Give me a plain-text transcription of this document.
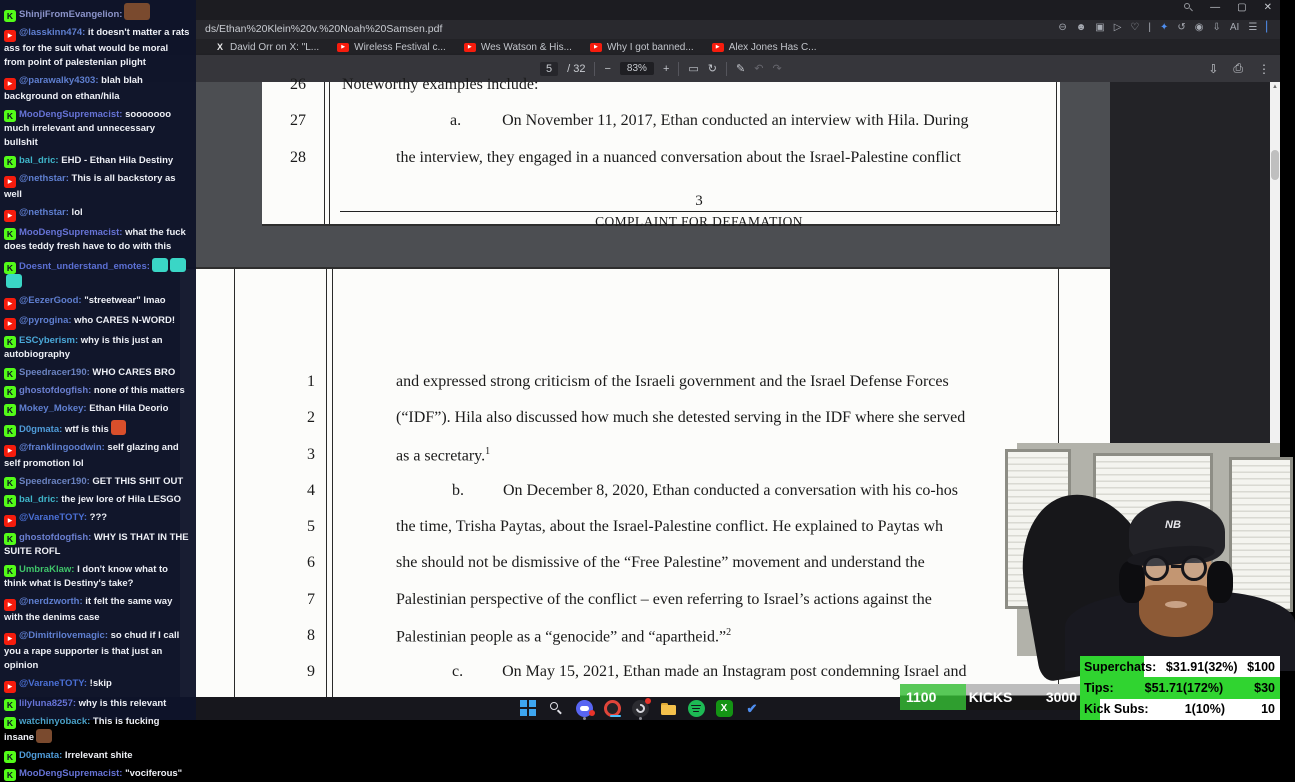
— ▢ ✕
ds/Ethan%20Klein%20v.%20Noah%20Samsen.pdf	⊖ ☻ ▣ ▷ ♡ | ✦ ↺ ◉ ⇩ AI ☰ ▏
X David Orr on X: "L...	▶ Wireless Festival c...	▶ Wes Watson & His...	▶ Why I got banned...	▶ Alex Jones Has C...
5	/ 32 −	83%	+ ▭ ↻ ✎ ↶ ↷	⇩ ⎙ ⋮
26 Noteworthy examples include:
27	a.	On November 11, 2017, Ethan conducted an interview with Hila. During
28	the interview, they engaged in a nuanced conversation about the Israel-Palestine conflict
3
COMPLAINT FOR DEFAMATION
1	and expressed strong criticism of the Israeli government and the Israel Defense Forces
2	(“IDF”). Hila also discussed how much she detested serving in the IDF where she served
3	as a secretary.$^1$
4	b. On December 8, 2020, Ethan conducted a conversation with his co-hos
5	the time, Trisha Paytas, about the Israel-Palestine conflict. He explained to Paytas wh
6	she should not be dismissive of the “Free Palestine” movement and understand the
7	Palestinian perspective of the conflict – even referring to Israel’s actions against the
8	Palestinian people as a “genocide” and “apartheid.”$^2$
9	c. On May 15, 2021, Ethan made an Instagram post condemning Israel and
▲
1100	KICKS	3000
X	✔
NB
Superchats: $31.91(32%) $100
Tips: $51.71(172%) $30
Kick Subs:	1(10%)	10
K ShinjiFromEvangelion:
▶ @lasskinn474: it doesn't matter a rats ass for the suit what would be moral from point of palestenian plight
▶ @parawalky4303: blah blah background on ethan/hila
K MooDengSupremacist: sooooooo much irrelevant and unnecessary bullshit
K bal_dric: EHD - Ethan Hila Destiny
▶ @nethstar: This is all backstory as well
▶ @nethstar: lol
K MooDengSupremacist: what the fuck does teddy fresh have to do with this
K Doesnt_understand_emotes:
▶ @EezerGood: "streetwear" lmao
▶ @pyrogina: who CARES N-WORD!
K ESCyberism: why is this just an autobiography
K Speedracer190: WHO CARES BRO
K ghostofdogfish: none of this matters
K Mokey_Mokey: Ethan Hila Deorio
K D0gmata: wtf is this
▶ @franklingoodwin: self glazing and self promotion lol
K Speedracer190: GET THIS SHIT OUT
K bal_dric: the jew lore of Hila LESGO
▶ @VaraneTOTY: ???
K ghostofdogfish: WHY IS THAT IN THE SUITE ROFL
K UmbraKlaw: I don't know what to think what is Destiny's take?
▶ @nerdzworth: it felt the same way with the denims case
▶ @Dimitrilovemagic: so chud if I call you a rape supporter is that just an opinion
▶ @VaraneTOTY: !skip
K lilyluna8257: why is this relevant
K watchinyoback: This is fucking insane
K D0gmata: Irrelevant shite
K MooDengSupremacist: "vociferous"
